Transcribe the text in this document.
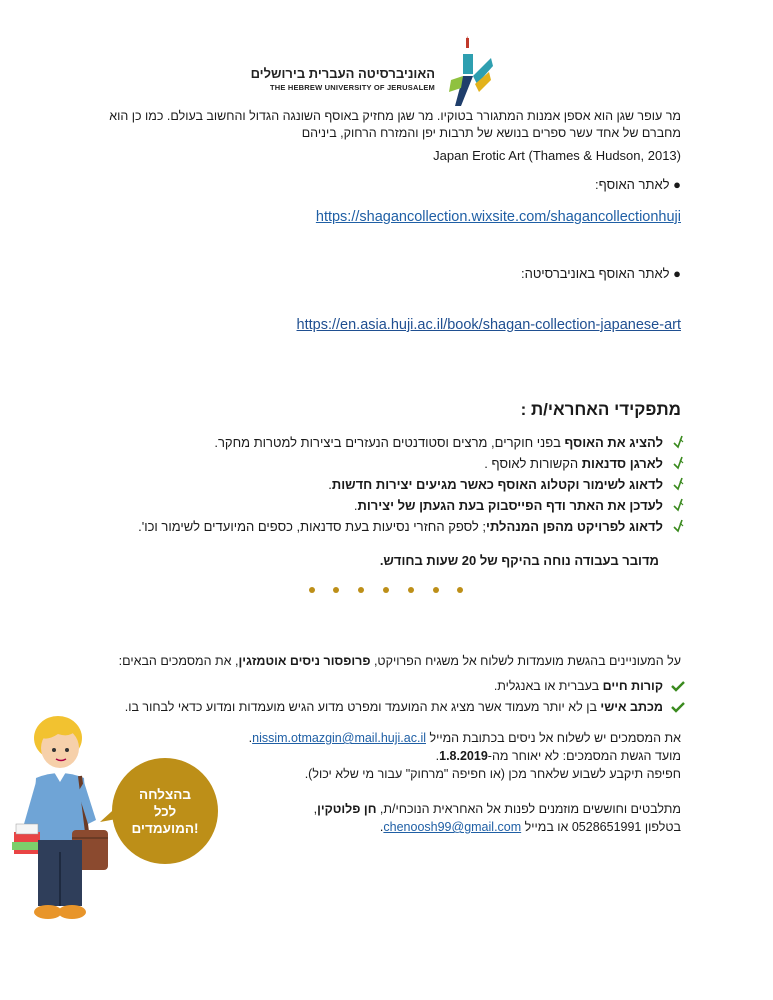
האוניברסיטה העברית בירושלים
THE HEBREW UNIVERSITY OF JERUSALEM
מר עופר שגן הוא אספן אמנות המתגורר בטוקיו. מר שגן מחזיק באוסף השונגה הגדול והחשוב בעולם. כמו כן הוא
מחברם של אחד עשר ספרים בנושא של תרבות יפן והמזרח הרחוק, ביניהם
Japan Erotic Art (Thames & Hudson, 2013)
● לאתר האוסף:
https://shagancollection.wixsite.com/shagancollectionhuji
● לאתר האוסף באוניברסיטה:
https://en.asia.huji.ac.il/book/shagan-collection-japanese-art
מתפקידי האחראי/ת :
להציג את האוסף בפני חוקרים, מרצים וסטודנטים הנעזרים ביצירות למטרות מחקר.
לארגן סדנאות הקשורות לאוסף .
לדאוג לשימור וקטלוג האוסף כאשר מגיעים יצירות חדשות.
לעדכן את האתר ודף הפייסבוק בעת הגעתן של יצירות.
לדאוג לפרויקט מהפן המנהלתי; לספק החזרי נסיעות בעת סדנאות, כספים המיועדים לשימור וכו'.
מדובר בעבודה נוחה בהיקף של 20 שעות בחודש.
על המעוניינים בהגשת מועמדות לשלוח אל משגיח הפרויקט, פרופסור ניסים אוטמזגין, את המסמכים הבאים:
קורות חיים בעברית או באנגלית.
מכתב אישי בן לא יותר מעמוד אשר מציג את המועמד ומפרט מדוע הגיש מועמדות ומדוע כדאי לבחור בו.
את המסמכים יש לשלוח אל ניסים בכתובת המייל nissim.otmazgin@mail.huji.ac.il.
מועד הגשת המסמכים: לא יאוחר מה-1.8.2019.
חפיפה תיקבע לשבוע שלאחר מכן (או חפיפה "מרחוק" עבור מי שלא יכול).
מתלבטים וחוששים מוזמנים לפנות אל האחראית הנוכחי/ת, חן פלוטקין,
בטלפון 0528651991 או במייל chenoosh99@gmail.com.
בהצלחה
לכל
המועמדים!
